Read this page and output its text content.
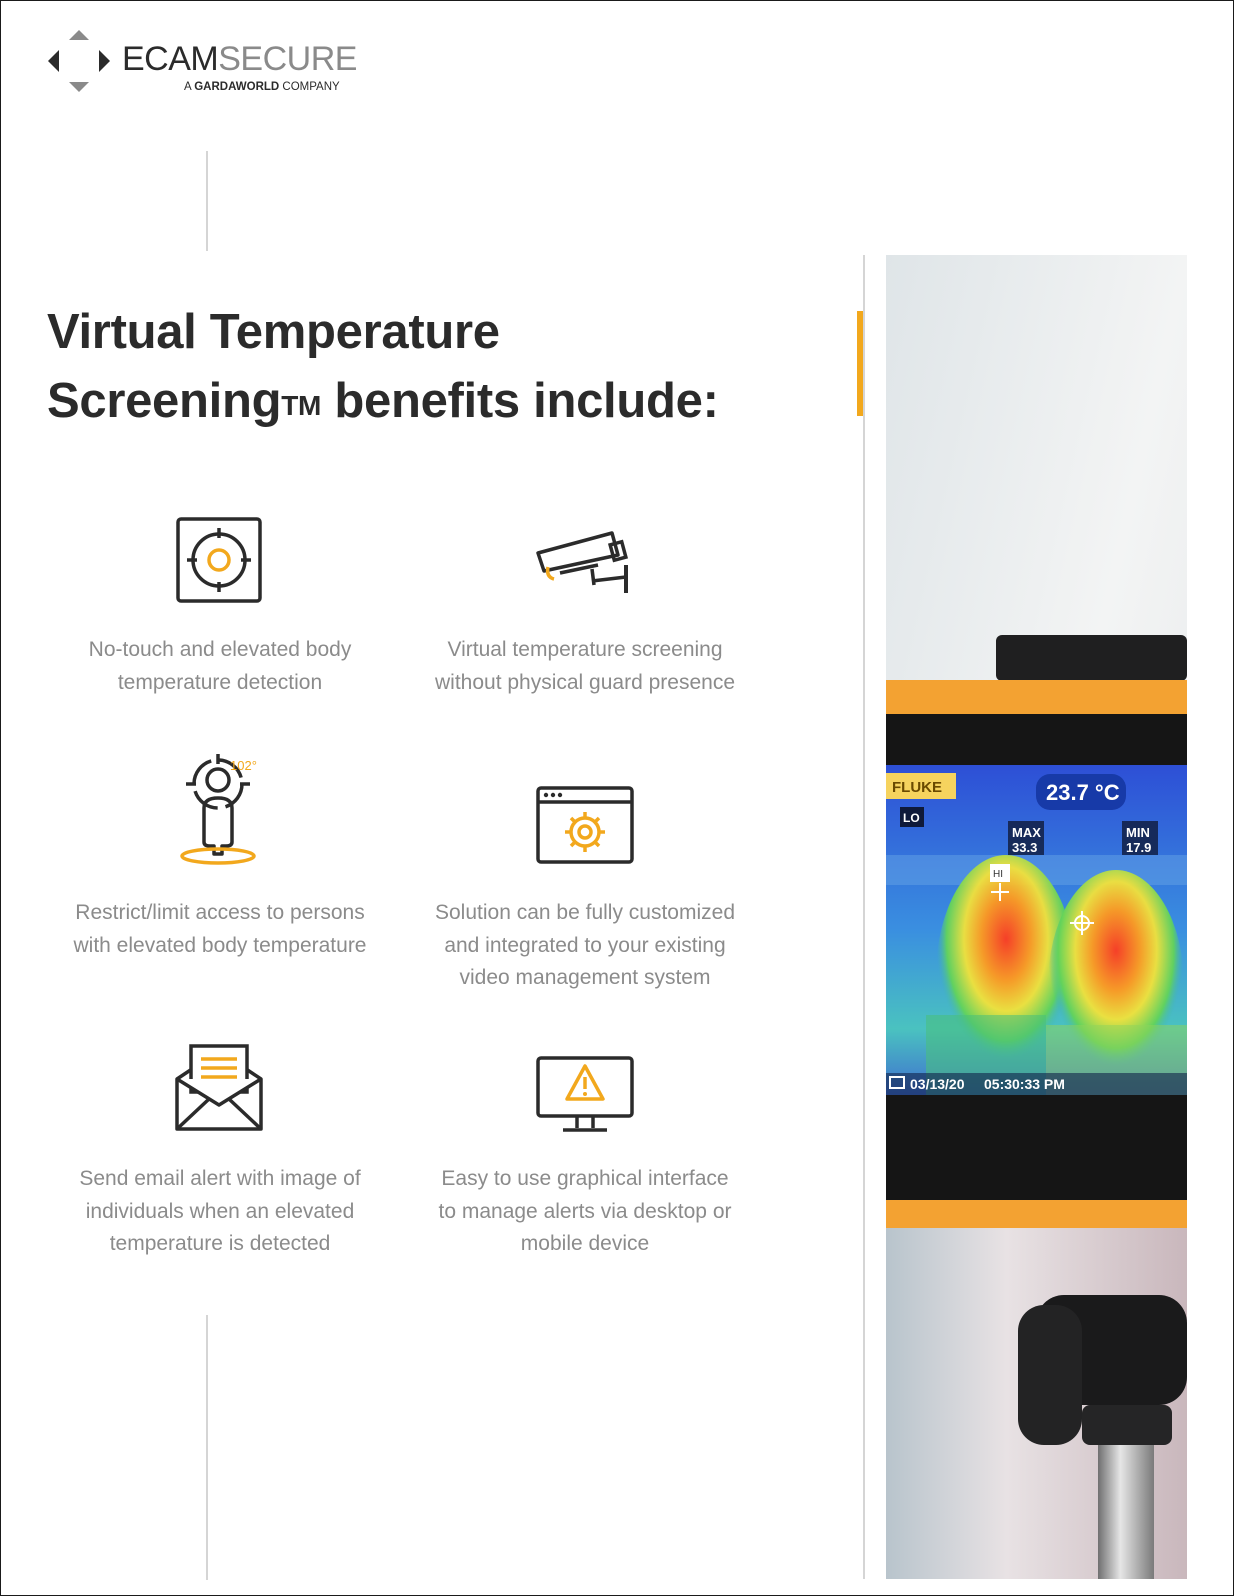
ECAMSECURE
A GARDAWORLD COMPANY
Virtual Temperature
Screening™ benefits include:
No-touch and elevated body
temperature detection
Virtual temperature screening
without physical guard presence
102°
Restrict/limit access to persons
with elevated body temperature
Solution can be fully customized
and integrated to your existing
video management system
Send email alert with image of
individuals when an elevated
temperature is detected
Easy to use graphical interface
to manage alerts via desktop or
mobile device
FLUKE
LO
23.7 °C
MAX
33.3
MIN
17.9
HI
03/13/20 05:30:33 PM
